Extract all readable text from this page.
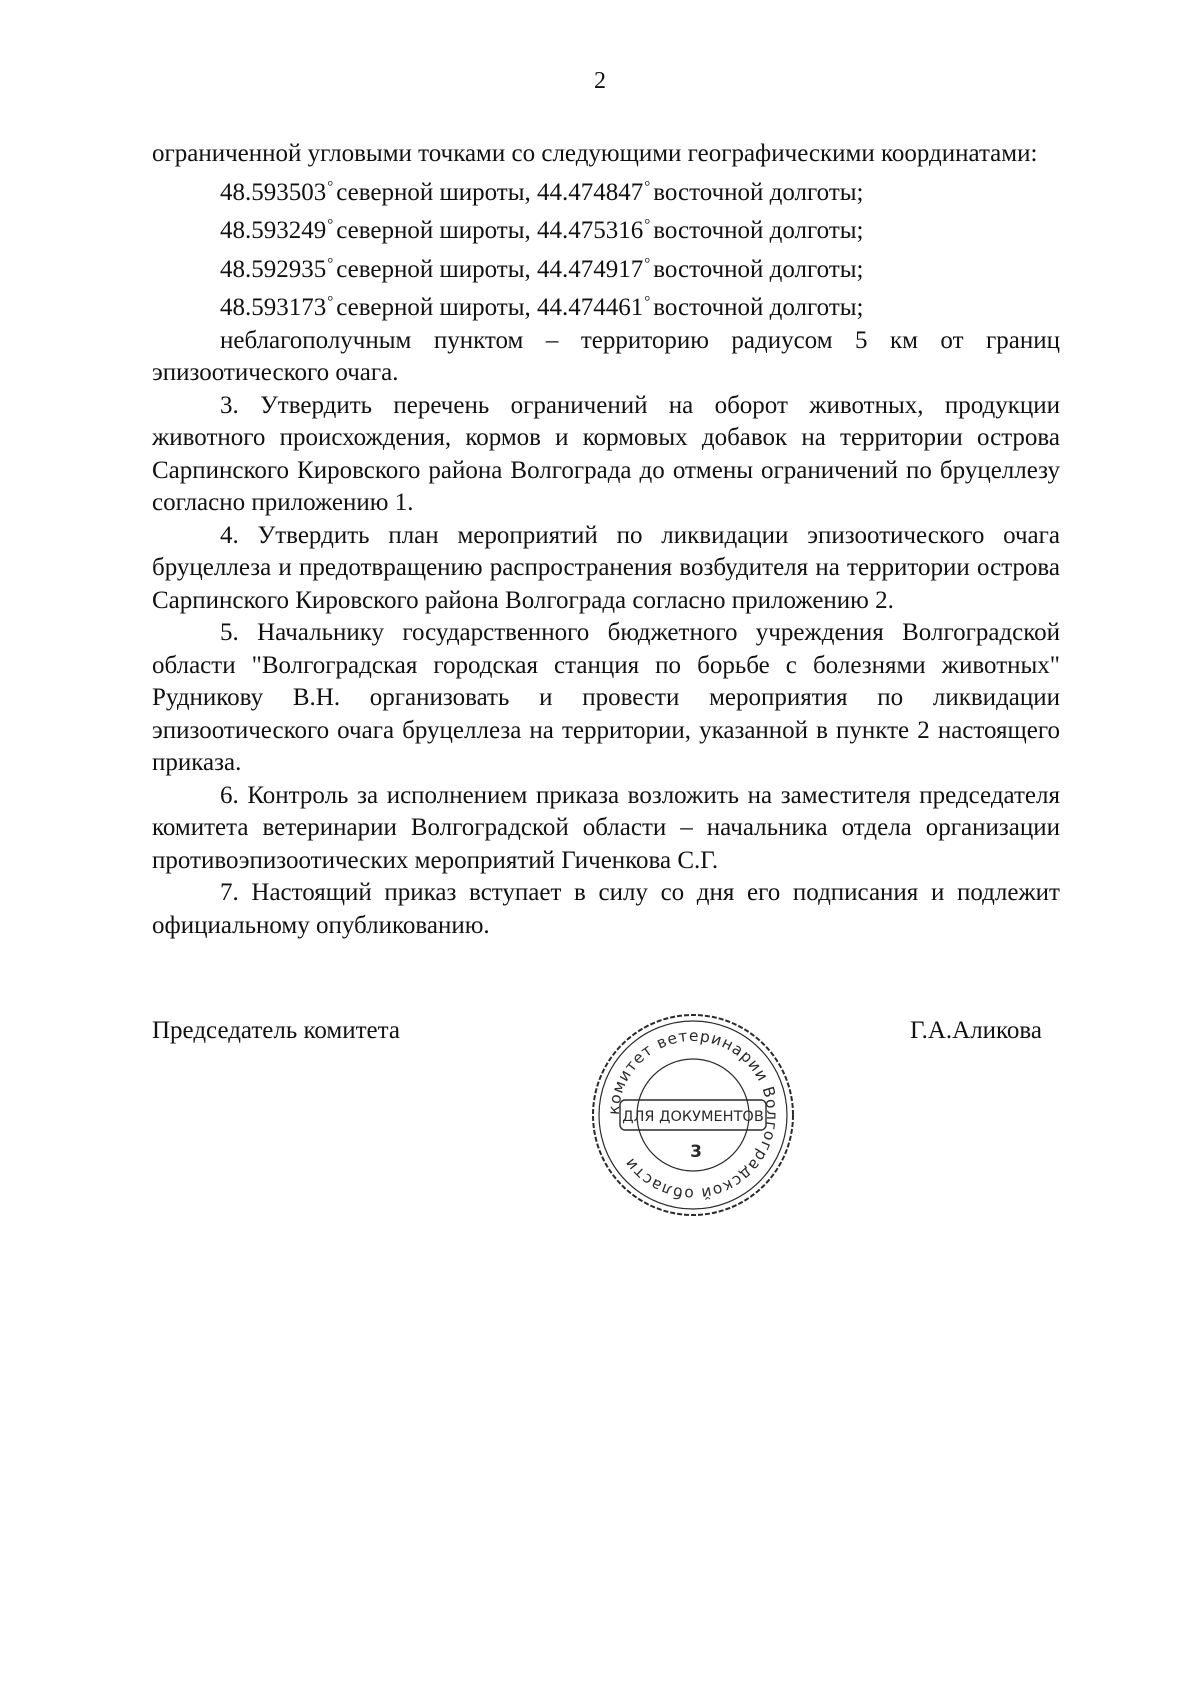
2

ограниченной угловыми точками со следующими географическими координатами:

48.593503° северной широты, 44.474847° восточной долготы;

48.593249° северной широты, 44.475316° восточной долготы;

48.592935° северной широты, 44.474917° восточной долготы;

48.593173° северной широты, 44.474461° восточной долготы;

неблагополучным пунктом – территорию радиусом 5 км от границ эпизоотического очага.

3. Утвердить перечень ограничений на оборот животных, продукции животного происхождения, кормов и кормовых добавок на территории острова Сарпинского Кировского района Волгограда до отмены ограничений по бруцеллезу согласно приложению 1.

4. Утвердить план мероприятий по ликвидации эпизоотического очага бруцеллеза и предотвращению распространения возбудителя на территории острова Сарпинского Кировского района Волгограда согласно приложению 2.

5. Начальнику государственного бюджетного учреждения Волгоградской области "Волгоградская городская станция по борьбе с болезнями животных" Рудникову В.Н. организовать и провести мероприятия по ликвидации эпизоотического очага бруцеллеза на территории, указанной в пункте 2 настоящего приказа.

6. Контроль за исполнением приказа возложить на заместителя председателя комитета ветеринарии Волгоградской области – начальника отдела организации противоэпизоотических мероприятий Гиченкова С.Г.

7. Настоящий приказ вступает в силу со дня его подписания и подлежит официальному опубликованию.

Председатель комитета	Г.А.Аликова
комитет ветеринарии Волгоградской области
ДЛЯ ДОКУМЕНТОВ
3
